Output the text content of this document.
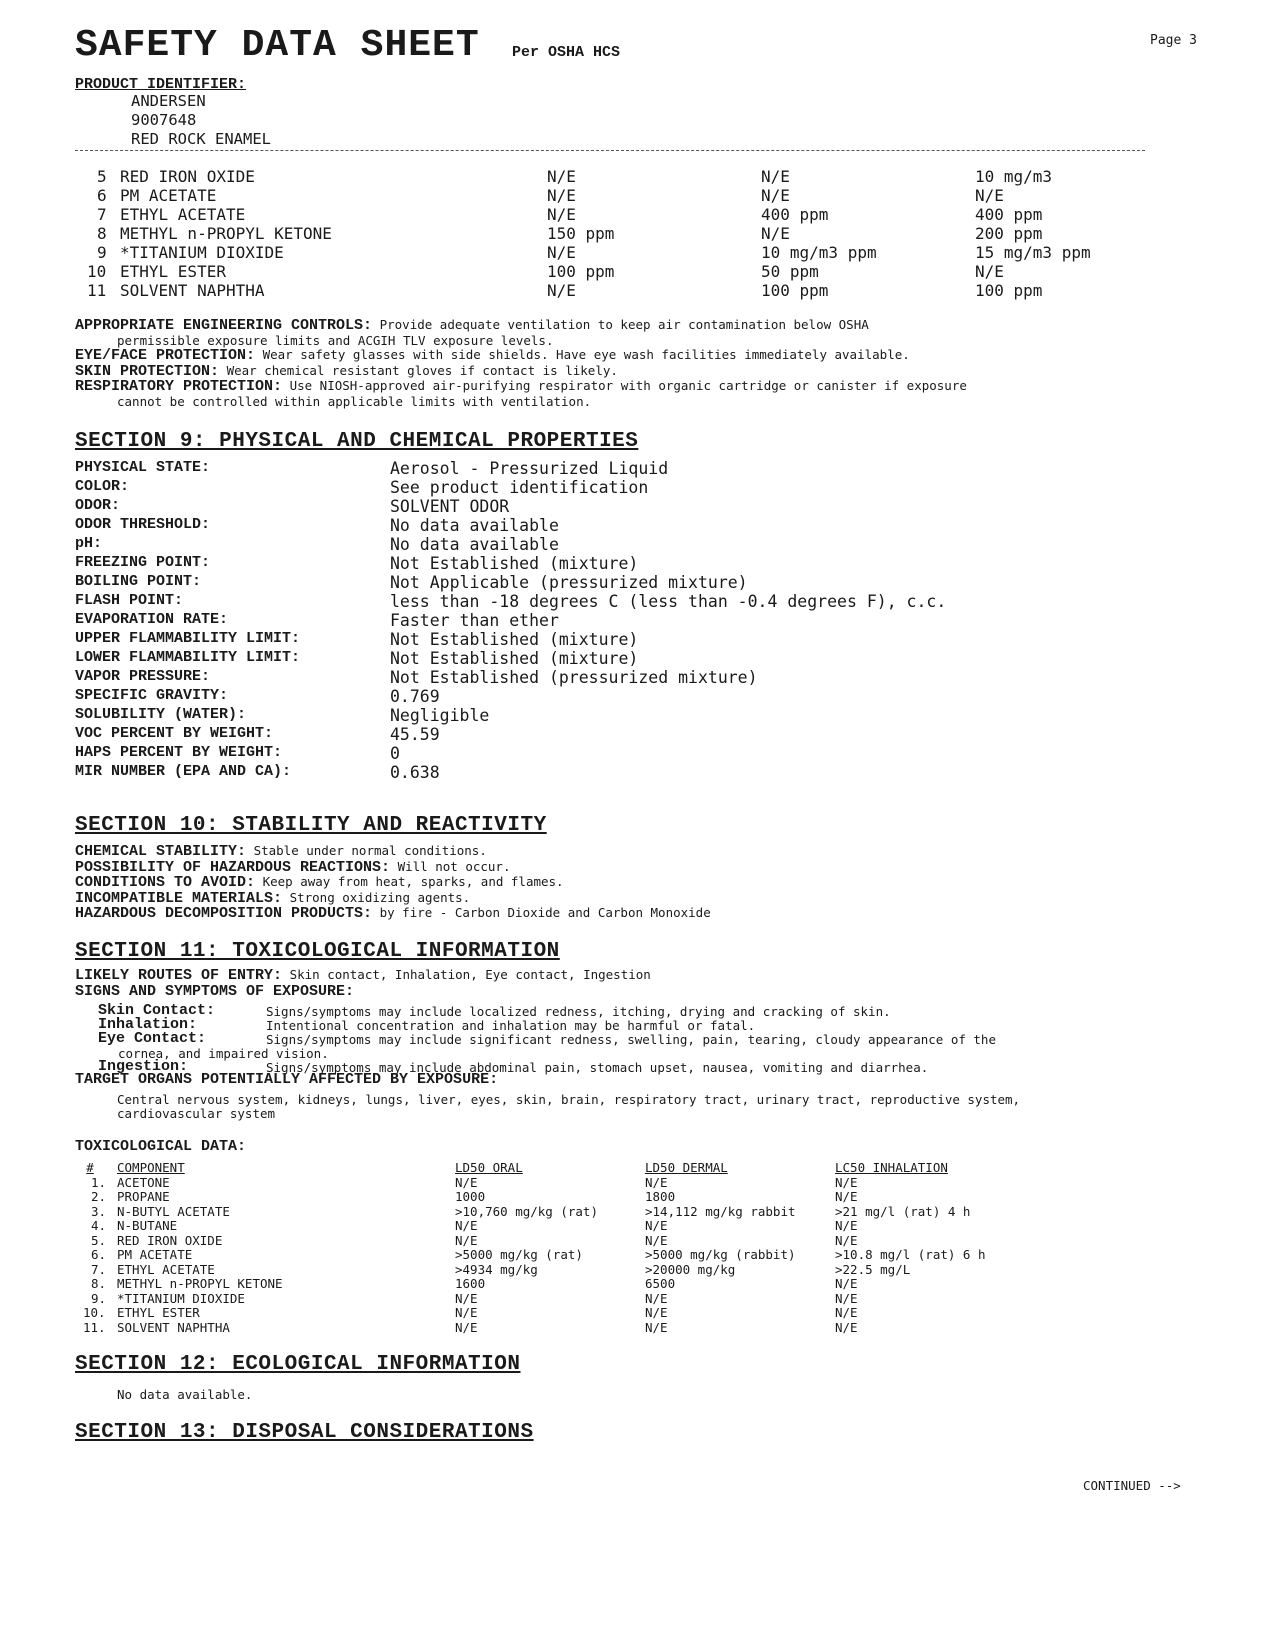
SAFETY DATA SHEET Per OSHA HCS
Page 3
PRODUCT IDENTIFIER:
ANDERSEN
9007648
RED ROCK ENAMEL
5 RED IRON OXIDE	N/E	N/E	10 mg/m3
6 PM ACETATE	N/E	N/E	N/E
7 ETHYL ACETATE	N/E	400 ppm	400 ppm
8 METHYL n-PROPYL KETONE	150 ppm	N/E	200 ppm
9 *TITANIUM DIOXIDE	N/E	10 mg/m3 ppm	15 mg/m3 ppm
10 ETHYL ESTER	100 ppm	50 ppm	N/E
11 SOLVENT NAPHTHA	N/E	100 ppm	100 ppm
APPROPRIATE ENGINEERING CONTROLS: Provide adequate ventilation to keep air contamination below OSHA
permissible exposure limits and ACGIH TLV exposure levels.
EYE/FACE PROTECTION: Wear safety glasses with side shields. Have eye wash facilities immediately available.
SKIN PROTECTION: Wear chemical resistant gloves if contact is likely.
RESPIRATORY PROTECTION: Use NIOSH-approved air-purifying respirator with organic cartridge or canister if exposure
cannot be controlled within applicable limits with ventilation.
SECTION 9: PHYSICAL AND CHEMICAL PROPERTIES
PHYSICAL STATE:	Aerosol - Pressurized Liquid
COLOR:	See product identification
ODOR:	SOLVENT ODOR
ODOR THRESHOLD:	No data available
pH:	No data available
FREEZING POINT:	Not Established (mixture)
BOILING POINT:	Not Applicable (pressurized mixture)
FLASH POINT:	less than -18 degrees C (less than -0.4 degrees F), c.c.
EVAPORATION RATE:	Faster than ether
UPPER FLAMMABILITY LIMIT:	Not Established (mixture)
LOWER FLAMMABILITY LIMIT:	Not Established (mixture)
VAPOR PRESSURE:	Not Established (pressurized mixture)
SPECIFIC GRAVITY:	0.769
SOLUBILITY (WATER):	Negligible
VOC PERCENT BY WEIGHT:	45.59
HAPS PERCENT BY WEIGHT:	0
MIR NUMBER (EPA AND CA):	0.638
SECTION 10: STABILITY AND REACTIVITY
CHEMICAL STABILITY: Stable under normal conditions.
POSSIBILITY OF HAZARDOUS REACTIONS: Will not occur.
CONDITIONS TO AVOID: Keep away from heat, sparks, and flames.
INCOMPATIBLE MATERIALS: Strong oxidizing agents.
HAZARDOUS DECOMPOSITION PRODUCTS: by fire - Carbon Dioxide and Carbon Monoxide
SECTION 11: TOXICOLOGICAL INFORMATION
LIKELY ROUTES OF ENTRY: Skin contact, Inhalation, Eye contact, Ingestion
SIGNS AND SYMPTOMS OF EXPOSURE:
Skin Contact:	Signs/symptoms may include localized redness, itching, drying and cracking of skin.
Inhalation:	Intentional concentration and inhalation may be harmful or fatal.
Eye Contact:	Signs/symptoms may include significant redness, swelling, pain, tearing, cloudy appearance of the
cornea, and impaired vision.
Ingestion:	Signs/symptoms may include abdominal pain, stomach upset, nausea, vomiting and diarrhea.
TARGET ORGANS POTENTIALLY AFFECTED BY EXPOSURE:
Central nervous system, kidneys, lungs, liver, eyes, skin, brain, respiratory tract, urinary tract, reproductive system,
cardiovascular system
TOXICOLOGICAL DATA:
#	COMPONENT	LD50 ORAL	LD50 DERMAL	LC50 INHALATION
1. ACETONE	N/E	N/E	N/E
2. PROPANE	1000	1800	N/E
3. N-BUTYL ACETATE	>10,760 mg/kg (rat)	>14,112 mg/kg rabbit	>21 mg/l (rat) 4 h
4. N-BUTANE	N/E	N/E	N/E
5. RED IRON OXIDE	N/E	N/E	N/E
6. PM ACETATE	>5000 mg/kg (rat)	>5000 mg/kg (rabbit)	>10.8 mg/l (rat) 6 h
7. ETHYL ACETATE	>4934 mg/kg	>20000 mg/kg	>22.5 mg/L
8. METHYL n-PROPYL KETONE	1600	6500	N/E
9. *TITANIUM DIOXIDE	N/E	N/E	N/E
10. ETHYL ESTER	N/E	N/E	N/E
11. SOLVENT NAPHTHA	N/E	N/E	N/E
SECTION 12: ECOLOGICAL INFORMATION
No data available.
SECTION 13: DISPOSAL CONSIDERATIONS
CONTINUED -->
